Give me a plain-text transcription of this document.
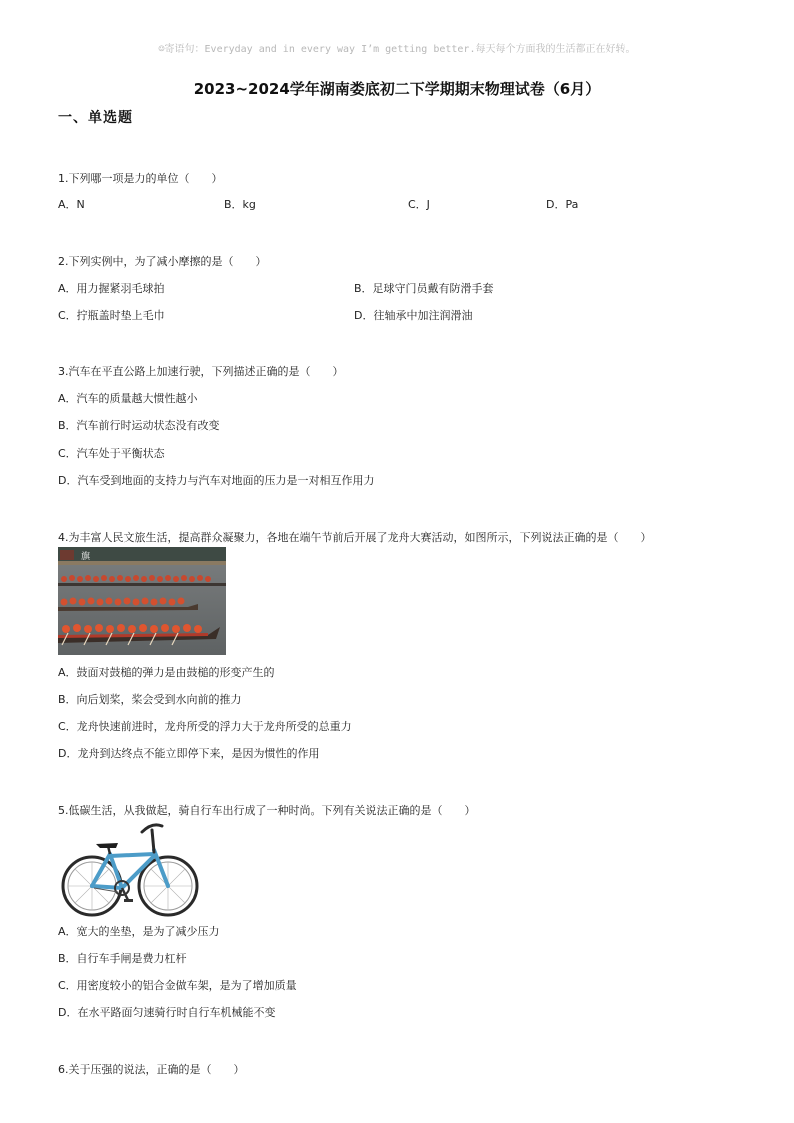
☺寄语句：Everyday and in every way I’m getting better.每天每个方面我的生活都正在好转。
2023~2024学年湖南娄底初二下学期期末物理试卷（6月）
一、单选题
1.下列哪一项是力的单位（　　）
A．N	B．kg	C．J	D．Pa
2.下列实例中，为了减小摩擦的是（　　）
A．用力握紧羽毛球拍	B．足球守门员戴有防滑手套
C．拧瓶盖时垫上毛巾	D．往轴承中加注润滑油
3.汽车在平直公路上加速行驶，下列描述正确的是（　　）
A．汽车的质量越大惯性越小
B．汽车前行时运动状态没有改变
C．汽车处于平衡状态
D．汽车受到地面的支持力与汽车对地面的压力是一对相互作用力
4.为丰富人民文旅生活，提高群众凝聚力，各地在端午节前后开展了龙舟大赛活动，如图所示，下列说法正确的是（　　）
旗
A．鼓面对鼓槌的弹力是由鼓槌的形变产生的
B．向后划桨，桨会受到水向前的推力
C．龙舟快速前进时，龙舟所受的浮力大于龙舟所受的总重力
D．龙舟到达终点不能立即停下来，是因为惯性的作用
5.低碳生活，从我做起，骑自行车出行成了一种时尚。下列有关说法正确的是（　　）
A．宽大的坐垫，是为了减少压力
B．自行车手闸是费力杠杆
C．用密度较小的铝合金做车架，是为了增加质量
D．在水平路面匀速骑行时自行车机械能不变
6.关于压强的说法，正确的是（　　）
